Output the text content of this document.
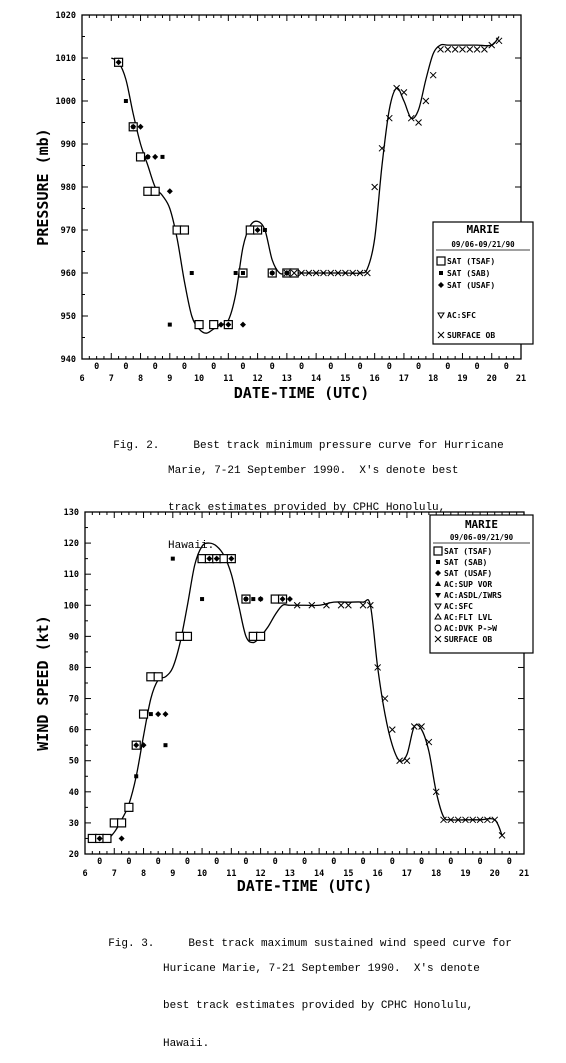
940
950
960
970
980
990
1000
1010
1020
6
0
7
0
8
0
9
0
10
0
11
0
12
0
13
0
14
0
15
0
16
0
17
0
18
0
19
0
20
0
21
DATE-TIME (UTC)
PRESSURE (mb)	MARIE
09/06-09/21/90
SAT (TSAF)
SAT (SAB)
SAT (USAF)
AC:SFC
SURFACE OB
20
30
40
50
60
70
80
90
100
110
120
130
6
0
7
0
8
0
9
0
10
0
11
0
12
0
13
0
14
0
15
0
16
0
17
0
18
0
19
0
20
0
21
DATE-TIME (UTC)
WIND SPEED (kt)
MARIE
09/06-09/21/90
SAT (TSAF)
SAT (SAB)
SAT (USAF)
AC:SUP VOR
AC:ASDL/IWRS
AC:SFC
AC:FLT LVL
AC:DVK P->W
SURFACE OB

Fig. 2.	Best track minimum pressure curve for Hurricane

Marie, 7-21 September 1990.  X's denote best

track estimates provided by CPHC Honolulu,

Hawaii.

Fig. 3.	Best track maximum sustained wind speed curve for

Huricane Marie, 7-21 September 1990.  X's denote

best track estimates provided by CPHC Honolulu,

Hawaii.
